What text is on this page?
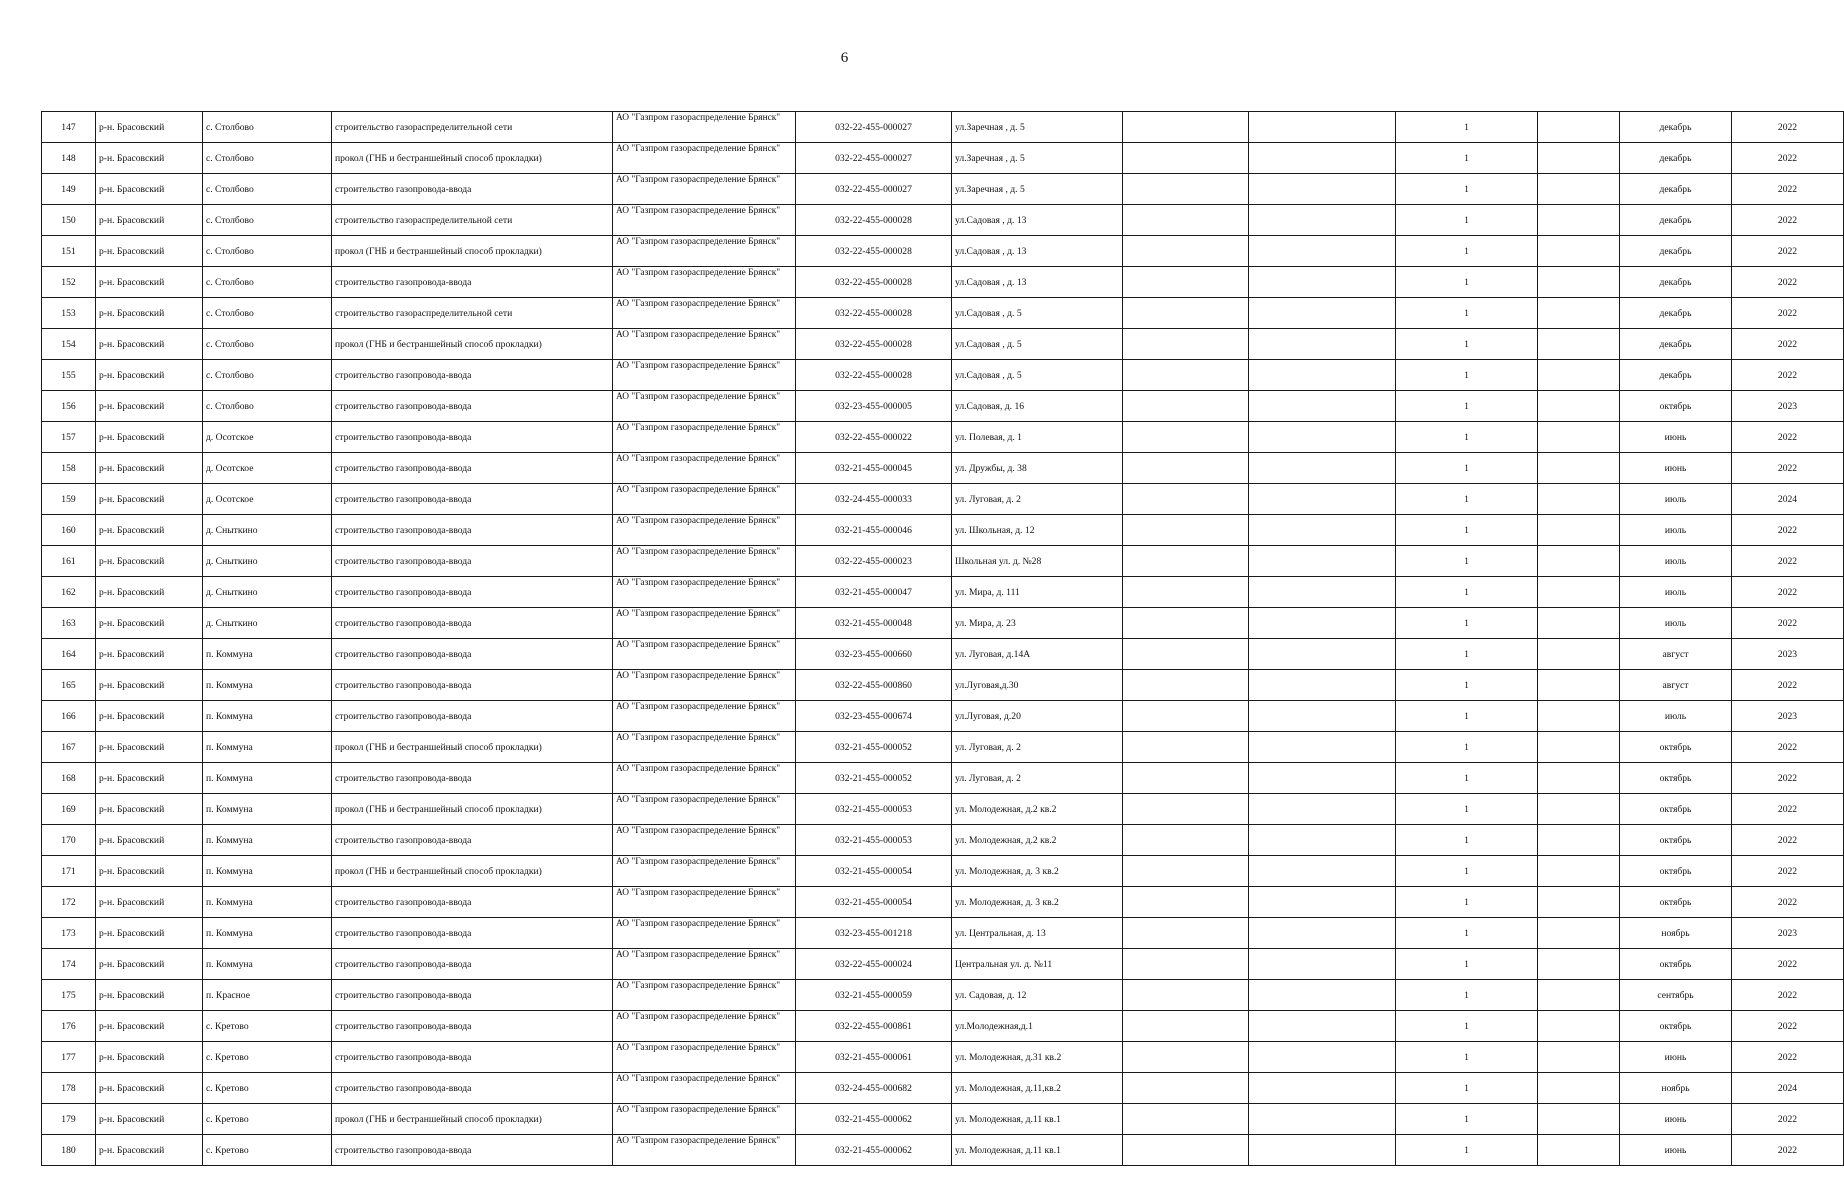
6
147	р-н. Брасовский	с. Столбово	строительство газораспределительной сети	АО "Газпром газораспределение Брянск"	032-22-455-000027	ул.Заречная , д. 5			1		декабрь	2022
148	р-н. Брасовский	с. Столбово	прокол (ГНБ и бестраншейный способ прокладки)	АО "Газпром газораспределение Брянск"	032-22-455-000027	ул.Заречная , д. 5			1		декабрь	2022
149	р-н. Брасовский	с. Столбово	строительство газопровода-ввода	АО "Газпром газораспределение Брянск"	032-22-455-000027	ул.Заречная , д. 5			1		декабрь	2022
150	р-н. Брасовский	с. Столбово	строительство газораспределительной сети	АО "Газпром газораспределение Брянск"	032-22-455-000028	ул.Садовая , д. 13			1		декабрь	2022
151	р-н. Брасовский	с. Столбово	прокол (ГНБ и бестраншейный способ прокладки)	АО "Газпром газораспределение Брянск"	032-22-455-000028	ул.Садовая , д. 13			1		декабрь	2022
152	р-н. Брасовский	с. Столбово	строительство газопровода-ввода	АО "Газпром газораспределение Брянск"	032-22-455-000028	ул.Садовая , д. 13			1		декабрь	2022
153	р-н. Брасовский	с. Столбово	строительство газораспределительной сети	АО "Газпром газораспределение Брянск"	032-22-455-000028	ул.Садовая , д. 5			1		декабрь	2022
154	р-н. Брасовский	с. Столбово	прокол (ГНБ и бестраншейный способ прокладки)	АО "Газпром газораспределение Брянск"	032-22-455-000028	ул.Садовая , д. 5			1		декабрь	2022
155	р-н. Брасовский	с. Столбово	строительство газопровода-ввода	АО "Газпром газораспределение Брянск"	032-22-455-000028	ул.Садовая , д. 5			1		декабрь	2022
156	р-н. Брасовский	с. Столбово	строительство газопровода-ввода	АО "Газпром газораспределение Брянск"	032-23-455-000005	ул.Садовая, д. 16			1		октябрь	2023
157	р-н. Брасовский	д. Осотское	строительство газопровода-ввода	АО "Газпром газораспределение Брянск"	032-22-455-000022	ул. Полевая, д. 1			1		июнь	2022
158	р-н. Брасовский	д. Осотское	строительство газопровода-ввода	АО "Газпром газораспределение Брянск"	032-21-455-000045	ул. Дружбы, д. 38			1		июнь	2022
159	р-н. Брасовский	д. Осотское	строительство газопровода-ввода	АО "Газпром газораспределение Брянск"	032-24-455-000033	ул. Луговая, д. 2			1		июль	2024
160	р-н. Брасовский	д. Сныткино	строительство газопровода-ввода	АО "Газпром газораспределение Брянск"	032-21-455-000046	ул. Школьная, д. 12			1		июль	2022
161	р-н. Брасовский	д. Сныткино	строительство газопровода-ввода	АО "Газпром газораспределение Брянск"	032-22-455-000023	Школьная ул. д. №28			1		июль	2022
162	р-н. Брасовский	д. Сныткино	строительство газопровода-ввода	АО "Газпром газораспределение Брянск"	032-21-455-000047	ул. Мира, д. 111			1		июль	2022
163	р-н. Брасовский	д. Сныткино	строительство газопровода-ввода	АО "Газпром газораспределение Брянск"	032-21-455-000048	ул. Мира, д. 23			1		июль	2022
164	р-н. Брасовский	п. Коммуна	строительство газопровода-ввода	АО "Газпром газораспределение Брянск"	032-23-455-000660	ул. Луговая, д.14А			1		август	2023
165	р-н. Брасовский	п. Коммуна	строительство газопровода-ввода	АО "Газпром газораспределение Брянск"	032-22-455-000860	ул.Луговая,д.30			1		август	2022
166	р-н. Брасовский	п. Коммуна	строительство газопровода-ввода	АО "Газпром газораспределение Брянск"	032-23-455-000674	ул.Луговая, д.20			1		июль	2023
167	р-н. Брасовский	п. Коммуна	прокол (ГНБ и бестраншейный способ прокладки)	АО "Газпром газораспределение Брянск"	032-21-455-000052	ул. Луговая, д. 2			1		октябрь	2022
168	р-н. Брасовский	п. Коммуна	строительство газопровода-ввода	АО "Газпром газораспределение Брянск"	032-21-455-000052	ул. Луговая, д. 2			1		октябрь	2022
169	р-н. Брасовский	п. Коммуна	прокол (ГНБ и бестраншейный способ прокладки)	АО "Газпром газораспределение Брянск"	032-21-455-000053	ул. Молодежная, д.2 кв.2			1		октябрь	2022
170	р-н. Брасовский	п. Коммуна	строительство газопровода-ввода	АО "Газпром газораспределение Брянск"	032-21-455-000053	ул. Молодежная, д.2 кв.2			1		октябрь	2022
171	р-н. Брасовский	п. Коммуна	прокол (ГНБ и бестраншейный способ прокладки)	АО "Газпром газораспределение Брянск"	032-21-455-000054	ул. Молодежная, д. 3 кв.2			1		октябрь	2022
172	р-н. Брасовский	п. Коммуна	строительство газопровода-ввода	АО "Газпром газораспределение Брянск"	032-21-455-000054	ул. Молодежная, д. 3 кв.2			1		октябрь	2022
173	р-н. Брасовский	п. Коммуна	строительство газопровода-ввода	АО "Газпром газораспределение Брянск"	032-23-455-001218	ул. Центральная, д. 13			1		ноябрь	2023
174	р-н. Брасовский	п. Коммуна	строительство газопровода-ввода	АО "Газпром газораспределение Брянск"	032-22-455-000024	Центральная ул. д. №11			1		октябрь	2022
175	р-н. Брасовский	п. Красное	строительство газопровода-ввода	АО "Газпром газораспределение Брянск"	032-21-455-000059	ул. Садовая, д. 12			1		сентябрь	2022
176	р-н. Брасовский	с. Кретово	строительство газопровода-ввода	АО "Газпром газораспределение Брянск"	032-22-455-000861	ул.Молодежная,д.1			1		октябрь	2022
177	р-н. Брасовский	с. Кретово	строительство газопровода-ввода	АО "Газпром газораспределение Брянск"	032-21-455-000061	ул. Молодежная, д.31 кв.2			1		июнь	2022
178	р-н. Брасовский	с. Кретово	строительство газопровода-ввода	АО "Газпром газораспределение Брянск"	032-24-455-000682	ул. Молодежная, д.11,кв.2			1		ноябрь	2024
179	р-н. Брасовский	с. Кретово	прокол (ГНБ и бестраншейный способ прокладки)	АО "Газпром газораспределение Брянск"	032-21-455-000062	ул. Молодежная, д.11 кв.1			1		июнь	2022
180	р-н. Брасовский	с. Кретово	строительство газопровода-ввода	АО "Газпром газораспределение Брянск"	032-21-455-000062	ул. Молодежная, д.11 кв.1			1		июнь	2022
